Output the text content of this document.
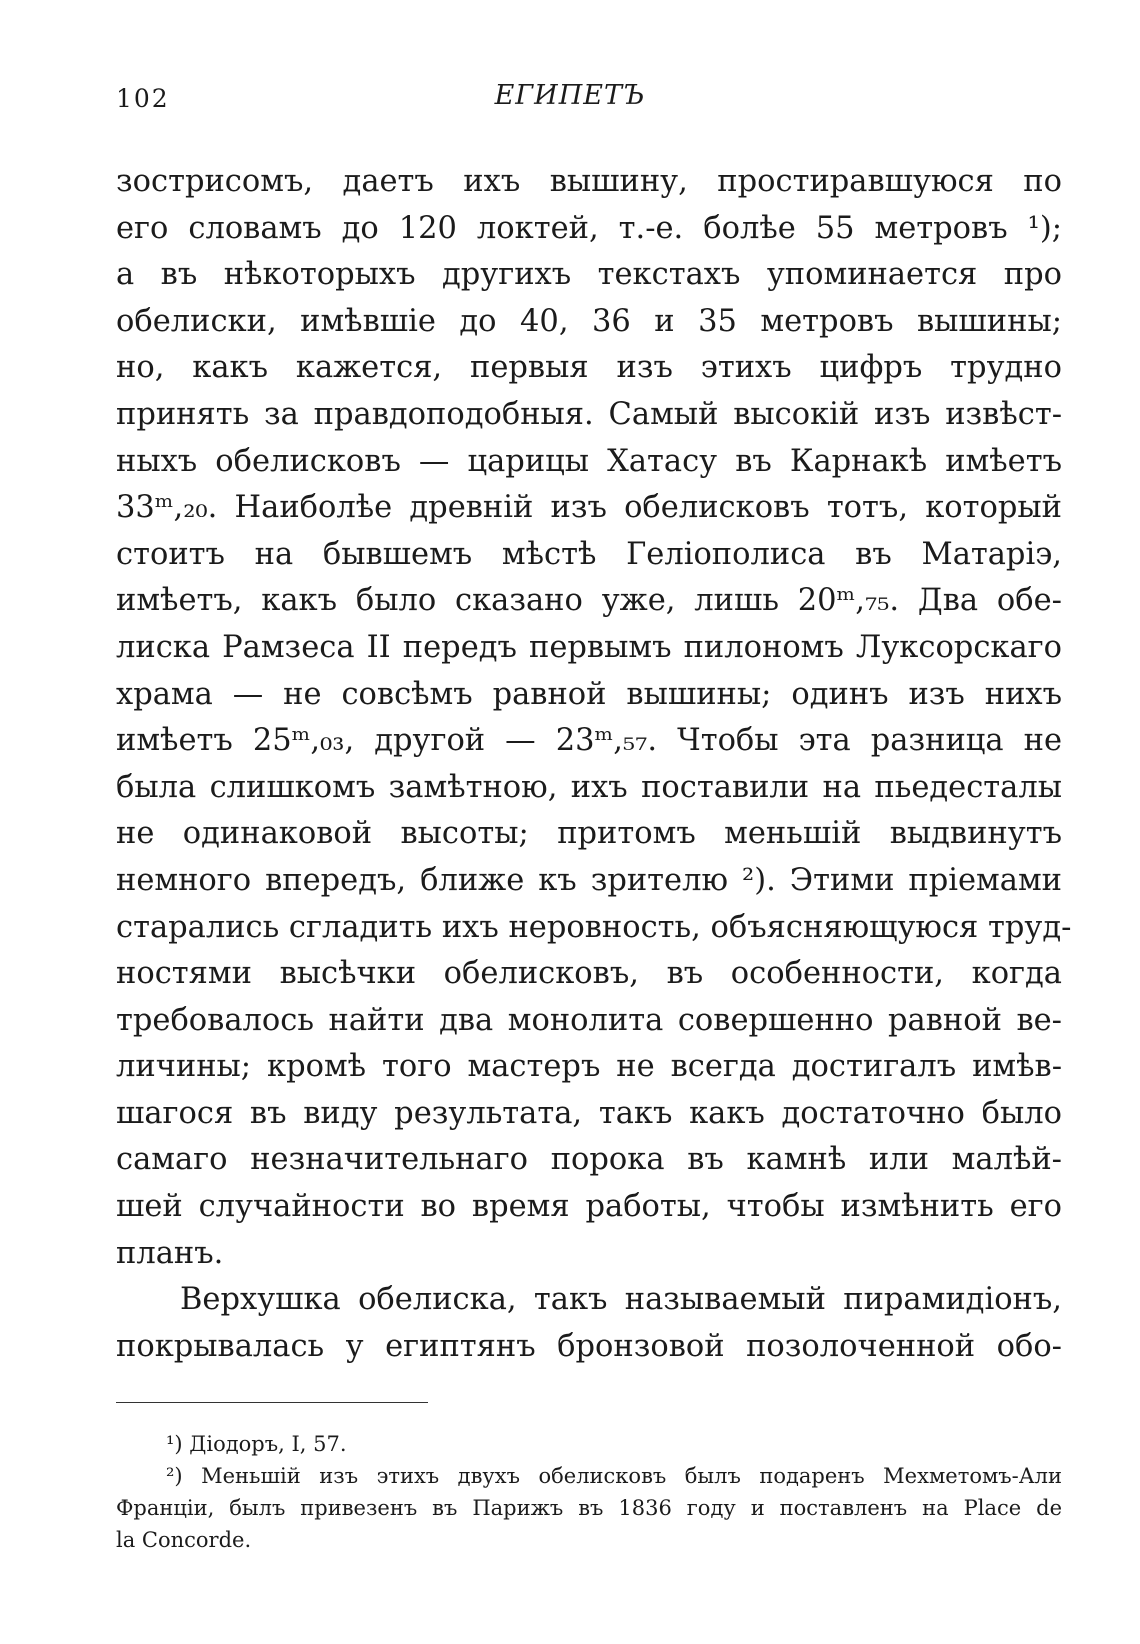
102	ЕГИПЕТЪ
зострисомъ, даетъ ихъ вышину, простиравшуюся по
его словамъ до 120 локтей, т.-е. болѣе 55 метровъ ¹);
а въ нѣкоторыхъ другихъ текстахъ упоминается про
обелиски, имѣвшіе до 40, 36 и 35 метровъ вышины;
но, какъ кажется, первыя изъ этихъ цифръ трудно
принять за правдоподобныя. Самый высокій изъ извѣст-
ныхъ обелисковъ — царицы Хатасу въ Карнакѣ имѣетъ
33ᵐ,₂₀. Наиболѣе древній изъ обелисковъ тотъ, который
стоитъ на бывшемъ мѣстѣ Геліополиса въ Матаріэ,
имѣетъ, какъ было сказано уже, лишь 20ᵐ,₇₅. Два обе-
лиска Рамзеса II передъ первымъ пилономъ Луксорскаго
храма — не совсѣмъ равной вышины; одинъ изъ нихъ
имѣетъ 25ᵐ,₀₃, другой — 23ᵐ,₅₇. Чтобы эта разница не
была слишкомъ замѣтною, ихъ поставили на пьедесталы
не одинаковой высоты; притомъ меньшій выдвинутъ
немного впередъ, ближе къ зрителю ²). Этими пріемами
старались сгладить ихъ неровность, объясняющуюся труд-
ностями высѣчки обелисковъ, въ особенности, когда
требовалось найти два монолита совершенно равной ве-
личины; кромѣ того мастеръ не всегда достигалъ имѣв-
шагося въ виду результата, такъ какъ достаточно было
самаго незначительнаго порока въ камнѣ или малѣй-
шей случайности во время работы, чтобы измѣнить его
планъ.
Верхушка обелиска, такъ называемый пирамидіонъ,
покрывалась у египтянъ бронзовой позолоченной обо-
¹) Діодоръ, I, 57.
²) Меньшій изъ этихъ двухъ обелисковъ былъ подаренъ Мехметомъ-Али
Франціи, былъ привезенъ въ Парижъ въ 1836 году и поставленъ на Place de
la Concorde.
